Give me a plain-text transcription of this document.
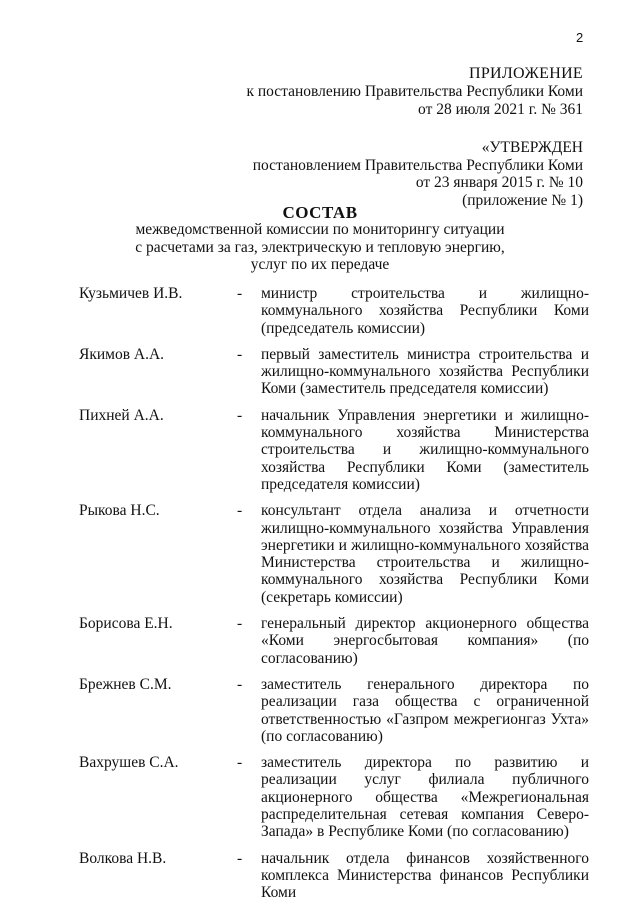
2
ПРИЛОЖЕНИЕ
к постановлению Правительства Республики Коми
от 28 июля 2021 г. № 361
«УТВЕРЖДЕН
постановлением Правительства Республики Коми
от 23 января 2015 г. № 10
(приложение № 1)
СОСТАВ
межведомственной комиссии по мониторингу ситуации
с расчетами за газ, электрическую и тепловую энергию,
услуг по их передаче
Кузьмичев И.В.	-	министр строительства и жилищно-коммунального хозяйства Республики Коми (председатель комиссии)
Якимов А.А.	-	первый заместитель министра строительства и жилищно-коммунального хозяйства Республики Коми (заместитель председателя комиссии)
Пихней А.А.	-	начальник Управления энергетики и жилищно-коммунального хозяйства Министерства строительства и жилищно-коммунального хозяйства Республики Коми (заместитель председателя комиссии)
Рыкова Н.С.	-	консультант отдела анализа и отчетности жилищно-коммунального хозяйства Управления энергетики и жилищно-коммунального хозяйства Министерства строительства и жилищно-коммунального хозяйства Республики Коми (секретарь комиссии)
Борисова Е.Н.	-	генеральный директор акционерного общества «Коми энергосбытовая компания» (по согласованию)
Брежнев С.М.	-	заместитель генерального директора по реализации газа общества с ограниченной ответственностью «Газпром межрегионгаз Ухта» (по согласованию)
Вахрушев С.А.	-	заместитель директора по развитию и реализации услуг филиала публичного акционерного общества «Межрегиональная распределительная сетевая компания Северо-Запада» в Республике Коми (по согласованию)
Волкова Н.В.	-	начальник отдела финансов хозяйственного комплекса Министерства финансов Республики Коми
